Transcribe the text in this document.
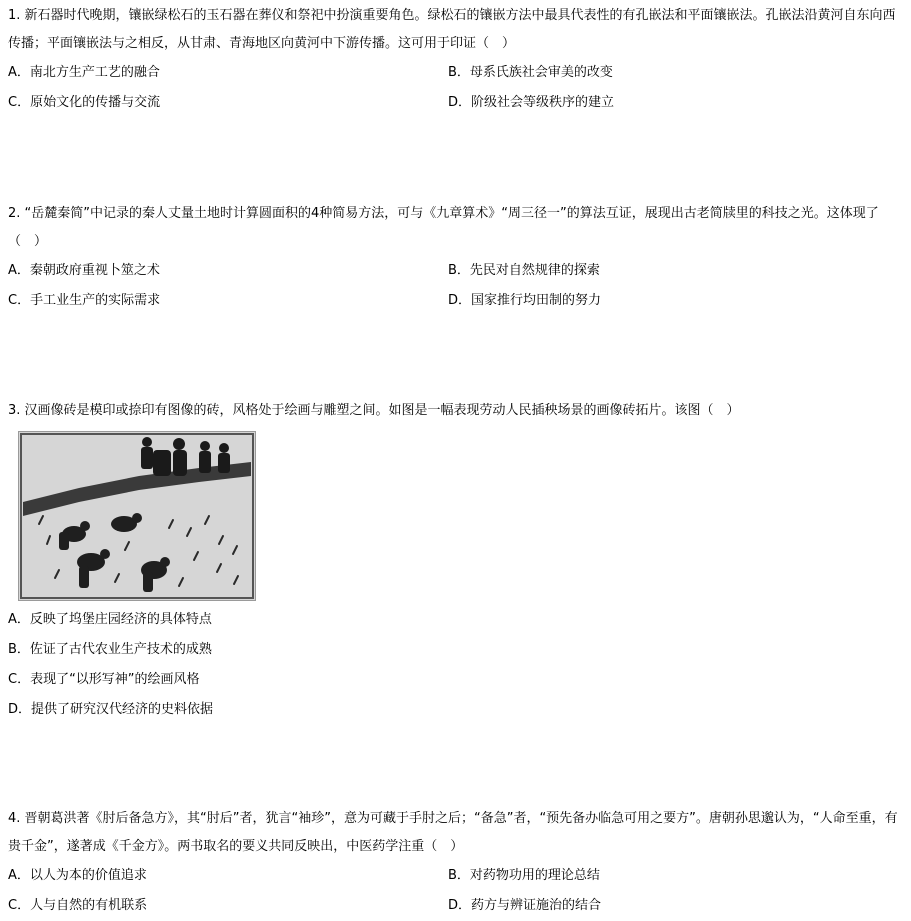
1. 新石器时代晚期，镶嵌绿松石的玉石器在葬仪和祭祀中扮演重要角色。绿松石的镶嵌方法中最具代表性的有孔嵌法和平面镶嵌法。孔嵌法沿黄河自东向西传播；平面镶嵌法与之相反，从甘肃、青海地区向黄河中下游传播。这可用于印证（　）

A．南北方生产工艺的融合	B．母系氏族社会审美的改变
C．原始文化的传播与交流	D．阶级社会等级秩序的建立

2. “岳麓秦简”中记录的秦人丈量土地时计算圆面积的4种简易方法，可与《九章算术》“周三径一”的算法互证，展现出古老简牍里的科技之光。这体现了（　）

A．秦朝政府重视卜筮之术	B．先民对自然规律的探索
C．手工业生产的实际需求	D．国家推行均田制的努力

3. 汉画像砖是模印或捺印有图像的砖，风格处于绘画与雕塑之间。如图是一幅表现劳动人民插秧场景的画像砖拓片。该图（　）

A．反映了坞堡庄园经济的具体特点
B．佐证了古代农业生产技术的成熟
C．表现了“以形写神”的绘画风格
D．提供了研究汉代经济的史料依据

4. 晋朝葛洪著《肘后备急方》，其“肘后”者，犹言“袖珍”，意为可藏于手肘之后；“备急”者，“预先备办临急可用之要方”。唐朝孙思邈认为，“人命至重，有贵千金”，遂著成《千金方》。两书取名的要义共同反映出，中医药学注重（　）

A．以人为本的价值追求	B．对药物功用的理论总结
C．人与自然的有机联系	D．药方与辨证施治的结合
